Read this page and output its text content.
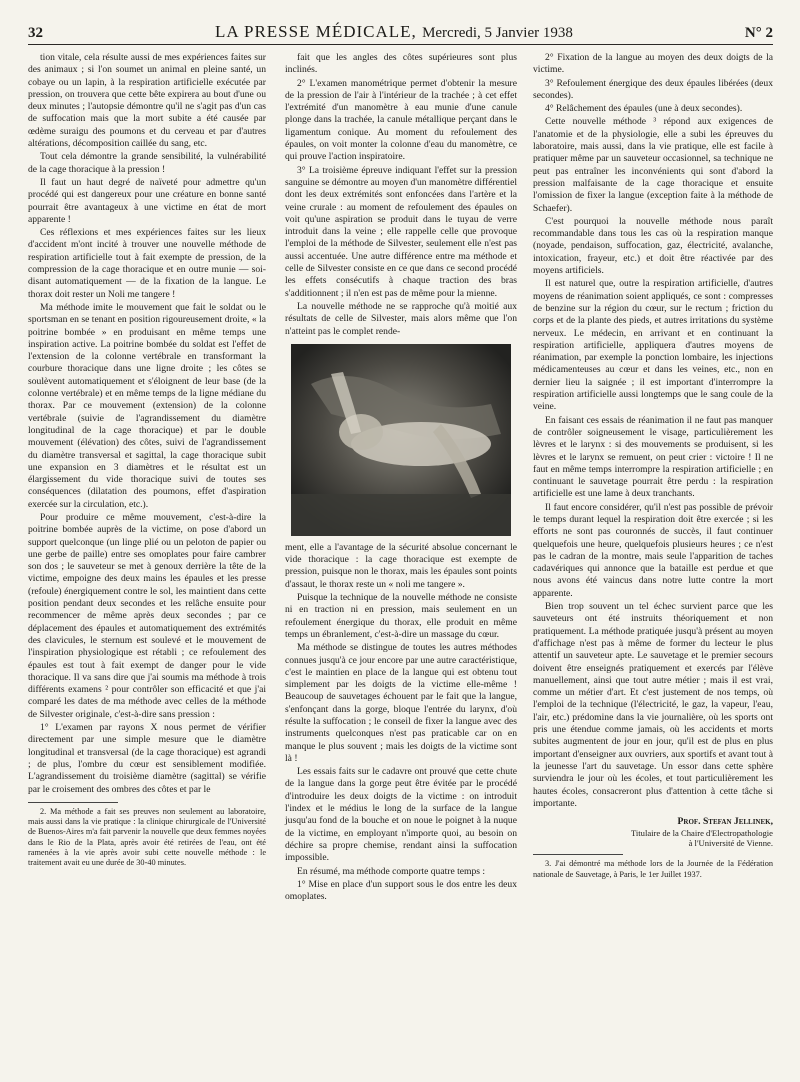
32	LA PRESSE MÉDICALE, Mercredi, 5 Janvier 1938	N° 2

tion vitale, cela résulte aussi de mes expériences faites sur des animaux ; si l'on soumet un animal en pleine santé, un cobaye ou un lapin, à la respiration artificielle exécutée par pression, on trouvera que cette bête expirera au bout d'une ou deux minutes ; l'autopsie démontre qu'il ne s'agit pas d'un cas de suffocation mais que la mort subite a été causée par œdème suraigu des poumons et du cerveau et par d'autres altérations, décomposition caillée du sang, etc.

Tout cela démontre la grande sensibilité, la vulnérabilité de la cage thoracique à la pression !

Il faut un haut degré de naïveté pour admettre qu'un procédé qui est dangereux pour une créature en bonne santé pourrait être avantageux à une victime en état de mort apparente !

Ces réflexions et mes expériences faites sur les lieux d'accident m'ont incité à trouver une nouvelle méthode de respiration artificielle tout à fait exempte de pression, de la compression de la cage thoracique et en outre munie — soi-disant automatiquement — de la fixation de la langue. Le thorax doit rester un Noli me tangere !

Ma méthode imite le mouvement que fait le soldat ou le sportsman en se tenant en position rigoureusement droite, « la poitrine bombée » en produisant en même temps une inspiration active. La poitrine bombée du soldat est l'effet de l'extension de la colonne vertébrale en transformant la courbure thoracique dans une ligne droite ; les côtes se soulèvent automatiquement et s'éloignent de leur base (de la colonne vertébrale) et en même temps de la ligne médiane du thorax. Par ce mouvement (extension) de la colonne vertébrale (suivie de l'agrandissement du diamètre longitudinal de la cage thoracique) et par le double mouvement (élévation) des côtes, suivi de l'agrandissement du diamètre transversal et sagittal, la cage thoracique subit une expansion en 3 diamètres et le résultat est un élargissement du vide thoracique suivi de toutes ses conséquences (dilatation des poumons, effet d'aspiration exercée sur la circulation, etc.).

Pour produire ce même mouvement, c'est-à-dire la poitrine bombée auprès de la victime, on pose d'abord un support quelconque (un linge plié ou un peloton de papier ou une gerbe de paille) entre ses omoplates pour faire cambrer son dos ; le sauveteur se met à genoux derrière la tête de la victime, empoigne des deux mains les épaules et les presse (refoule) énergiquement contre le sol, les maintient dans cette position pendant deux secondes et les relâche ensuite pour recommencer de même après deux secondes ; par ce déplacement des épaules et automatiquement des extrémités des clavicules, le sternum est soulevé et le mouvement de l'inspiration physiologique est rétabli ; ce refoulement des épaules est tout à fait exempt de danger pour le vide thoracique. Il va sans dire que j'ai soumis ma méthode à trois différents examens ² pour contrôler son efficacité et que j'ai comparé les dates de ma méthode avec celles de la méthode de Silvester originale, c'est-à-dire sans pression :

1° L'examen par rayons X nous permet de vérifier directement par une simple mesure que le diamètre longitudinal et transversal (de la cage thoracique) est agrandi ; de plus, l'ombre du cœur est sensiblement modifiée. L'agrandissement du troisième diamètre (sagittal) se vérifie par le croisement des ombres des côtes et par le

2. Ma méthode a fait ses preuves non seulement au laboratoire, mais aussi dans la vie pratique : la clinique chirurgicale de l'Université de Buenos-Aires m'a fait parvenir la nouvelle que deux femmes noyées dans le Rio de la Plata, après avoir été retirées de l'eau, ont été ramenées à la vie après avoir subi cette nouvelle méthode : le traitement avait eu une durée de 30-40 minutes.

fait que les angles des côtes supérieures sont plus inclinés.

2° L'examen manométrique permet d'obtenir la mesure de la pression de l'air à l'intérieur de la trachée ; à cet effet l'extrémité d'un manomètre à eau munie d'une canule plonge dans la trachée, la canule métallique perçant dans le ligamentum conique. Au moment du refoulement des épaules, on voit monter la colonne d'eau du manomètre, ce qui prouve l'action inspiratoire.

3° La troisième épreuve indiquant l'effet sur la pression sanguine se démontre au moyen d'un manomètre différentiel dont les deux extrémités sont enfoncées dans l'artère et la veine crurale : au moment de refoulement des épaules on voit qu'une aspiration se produit dans le tuyau de verre introduit dans la veine ; elle rappelle celle que provoque l'emploi de la méthode de Silvester, seulement elle n'est pas aussi accentuée. Une autre différence entre ma méthode et celle de Silvester consiste en ce que dans ce second procédé les effets consécutifs à chaque traction des bras s'additionnent ; il n'en est pas de même pour la mienne.

La nouvelle méthode ne se rapproche qu'à moitié aux résultats de celle de Silvester, mais alors même que l'on n'atteint pas le complet rende-

ment, elle a l'avantage de la sécurité absolue concernant le vide thoracique : la cage thoracique est exempte de pression, puisque non le thorax, mais les épaules sont points d'assaut, le thorax reste un « noli me tangere ».

Puisque la technique de la nouvelle méthode ne consiste ni en traction ni en pression, mais seulement en un refoulement énergique du thorax, elle produit en même temps un ébranlement, c'est-à-dire un massage du cœur.

Ma méthode se distingue de toutes les autres méthodes connues jusqu'à ce jour encore par une autre caractéristique, c'est le maintien en place de la langue qui est obtenu tout simplement par les doigts de la victime elle-même ! Beaucoup de sauvetages échouent par le fait que la langue, s'enfonçant dans la gorge, bloque l'entrée du larynx, d'où résulte la suffocation ; le conseil de fixer la langue avec des instruments quelconques n'est pas praticable car on en manque le plus souvent ; mais les doigts de la victime sont là !

Les essais faits sur le cadavre ont prouvé que cette chute de la langue dans la gorge peut être évitée par le procédé d'introduire les deux doigts de la victime : on introduit l'index et le médius le long de la surface de la langue jusqu'au fond de la bouche et on noue le poignet à la nuque de la victime, en employant n'importe quoi, au besoin on déchire sa propre chemise, rendant ainsi la suffocation impossible.

En résumé, ma méthode comporte quatre temps :

1° Mise en place d'un support sous le dos entre les deux omoplates.

2° Fixation de la langue au moyen des deux doigts de la victime.

3° Refoulement énergique des deux épaules libérées (deux secondes).

4° Relâchement des épaules (une à deux secondes).

Cette nouvelle méthode ³ répond aux exigences de l'anatomie et de la physiologie, elle a subi les épreuves du laboratoire, mais aussi, dans la vie pratique, elle est facile à pratiquer même par un sauveteur occasionnel, sa technique ne peut pas entraîner les inconvénients qui sont d'abord la pression malfaisante de la cage thoracique et ensuite l'omission de fixer la langue (exception faite à la méthode de Schaefer).

C'est pourquoi la nouvelle méthode nous paraît recommandable dans tous les cas où la respiration manque (noyade, pendaison, suffocation, gaz, électricité, avalanche, intoxication, frayeur, etc.) et doit être réactivée par des moyens artificiels.

Il est naturel que, outre la respiration artificielle, d'autres moyens de réanimation soient appliqués, ce sont : compresses de benzine sur la région du cœur, sur le rectum ; friction du corps et de la plante des pieds, et autres irritations du système nerveux. Le médecin, en arrivant et en continuant la respiration artificielle, appliquera d'autres moyens de réanimation, par exemple la ponction lombaire, les injections médicamenteuses au cœur et dans les veines, etc., non en dernier lieu la saignée ; il est important d'interrompre la respiration artificielle aussi longtemps que le sang coule de la veine.

En faisant ces essais de réanimation il ne faut pas manquer de contrôler soigneusement le visage, particulièrement les lèvres et le larynx : si des mouvements se produisent, si les lèvres et le larynx se remuent, on peut crier : victoire ! Il ne faut en même temps interrompre la respiration artificielle ; en continuant le sauvetage pourrait être perdu : la respiration artificielle est une lame à deux tranchants.

Il faut encore considérer, qu'il n'est pas possible de prévoir le temps durant lequel la respiration doit être exercée ; si les efforts ne sont pas couronnés de succès, il faut continuer quelquefois une heure, quelquefois plusieurs heures ; ce n'est pas le cadran de la montre, mais seule l'apparition de taches cadavériques qui annonce que la bataille est perdue et que nous avons été vaincus dans notre lutte contre la mort apparente.

Bien trop souvent un tel échec survient parce que les sauveteurs ont été instruits théoriquement et non pratiquement. La méthode pratiquée jusqu'à présent au moyen d'affichage n'est pas à même de former du lecteur le plus attentif un sauveteur apte. Le sauvetage et le premier secours doivent être enseignés pratiquement et exercés par l'élève manuellement, ainsi que tout autre métier ; mais il est vrai, comme un métier d'art. Et c'est justement de nos temps, où l'emploi de la technique (l'électricité, le gaz, la vapeur, l'eau, l'air, etc.) prédomine dans la vie journalière, où les sports ont pris une étendue comme jamais, où les accidents et morts subites augmentent de jour en jour, qu'il est de plus en plus important d'enseigner aux ouvriers, aux sportifs et avant tout à la jeunesse l'art du sauvetage. Un essor dans cette sphère surviendra le jour où les écoles, et tout particulièrement les hautes écoles, consacreront plus d'attention à cette tâche si importante.

Prof. Stefan Jellinek,
Titulaire de la Chaire d'Electropathologie
à l'Université de Vienne.

3. J'ai démontré ma méthode lors de la Journée de la Fédération nationale de Sauvetage, à Paris, le 1er Juillet 1937.
